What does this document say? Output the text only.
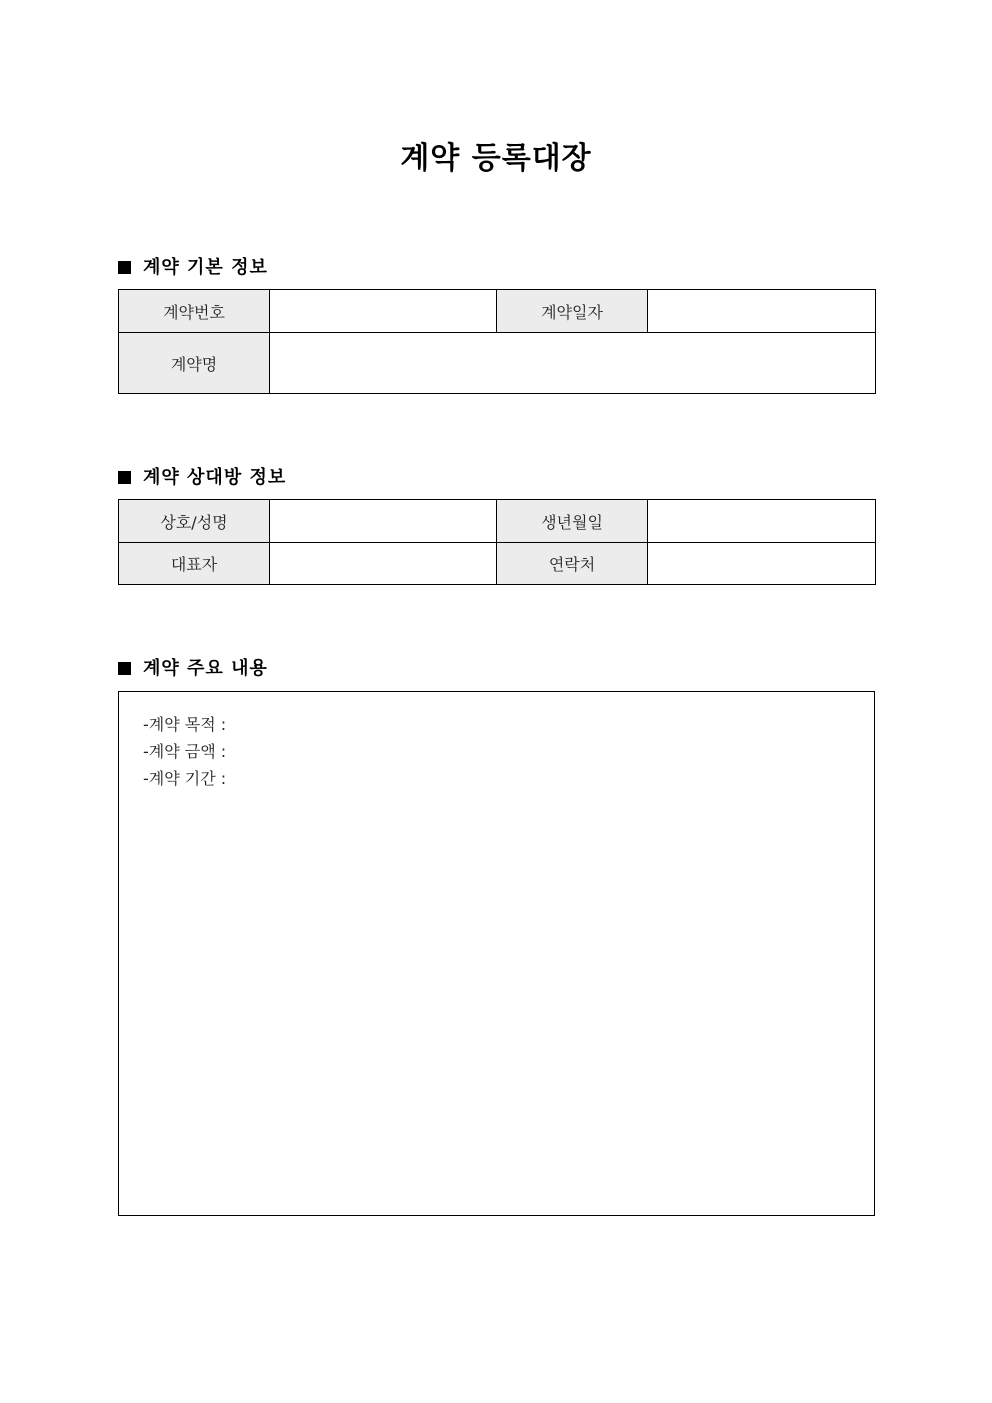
계약 등록대장
계약 기본 정보
계약번호		계약일자	
계약명			
계약 상대방 정보
상호/성명		생년월일	
대표자		연락처	
계약 주요 내용
-계약 목적 :
-계약 금액 :
-계약 기간 :
